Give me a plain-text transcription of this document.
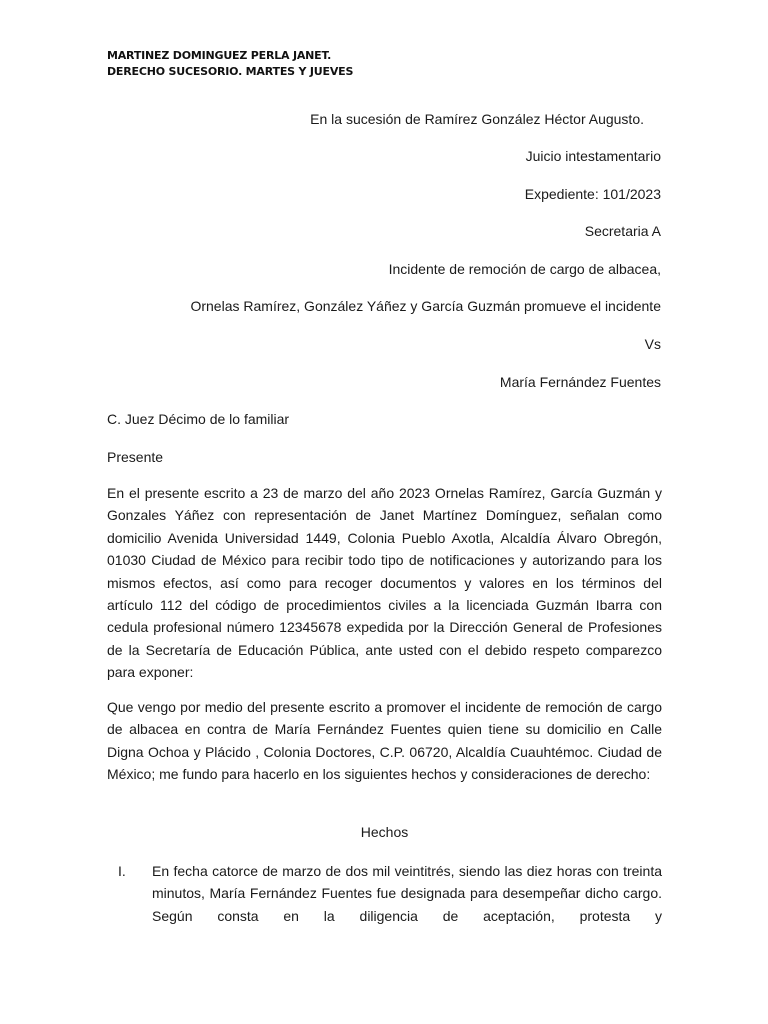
MARTINEZ DOMINGUEZ PERLA JANET.
DERECHO SUCESORIO. MARTES Y JUEVES
En la sucesión de Ramírez González Héctor Augusto.
Juicio intestamentario
Expediente: 101/2023
Secretaria A
Incidente de remoción de cargo de albacea,
Ornelas Ramírez, González Yáñez y García Guzmán promueve el incidente
Vs
María Fernández Fuentes
C. Juez Décimo de lo familiar
Presente

En el presente escrito a 23 de marzo del año 2023 Ornelas Ramírez, García Guzmán y Gonzales Yáñez con representación de Janet Martínez Domínguez, señalan como domicilio Avenida Universidad 1449, Colonia Pueblo Axotla, Alcaldía Álvaro Obregón, 01030 Ciudad de México para recibir todo tipo de notificaciones y autorizando para los mismos efectos, así como para recoger documentos y valores en los términos del artículo 112 del código de procedimientos civiles a la licenciada Guzmán Ibarra con cedula profesional número 12345678 expedida por la Dirección General de Profesiones de la Secretaría de Educación Pública, ante usted con el debido respeto comparezco para exponer:

Que vengo por medio del presente escrito a promover el incidente de remoción de cargo de albacea en contra de María Fernández Fuentes quien tiene su domicilio en Calle Digna Ochoa y Plácido , Colonia Doctores, C.P. 06720, Alcaldía Cuauhtémoc. Ciudad de México; me fundo para hacerlo en los siguientes hechos y consideraciones de derecho:

Hechos
I. En fecha catorce de marzo de dos mil veintitrés, siendo las diez horas con treinta minutos, María Fernández Fuentes fue designada para desempeñar dicho cargo. Según consta en la diligencia de aceptación, protesta y
